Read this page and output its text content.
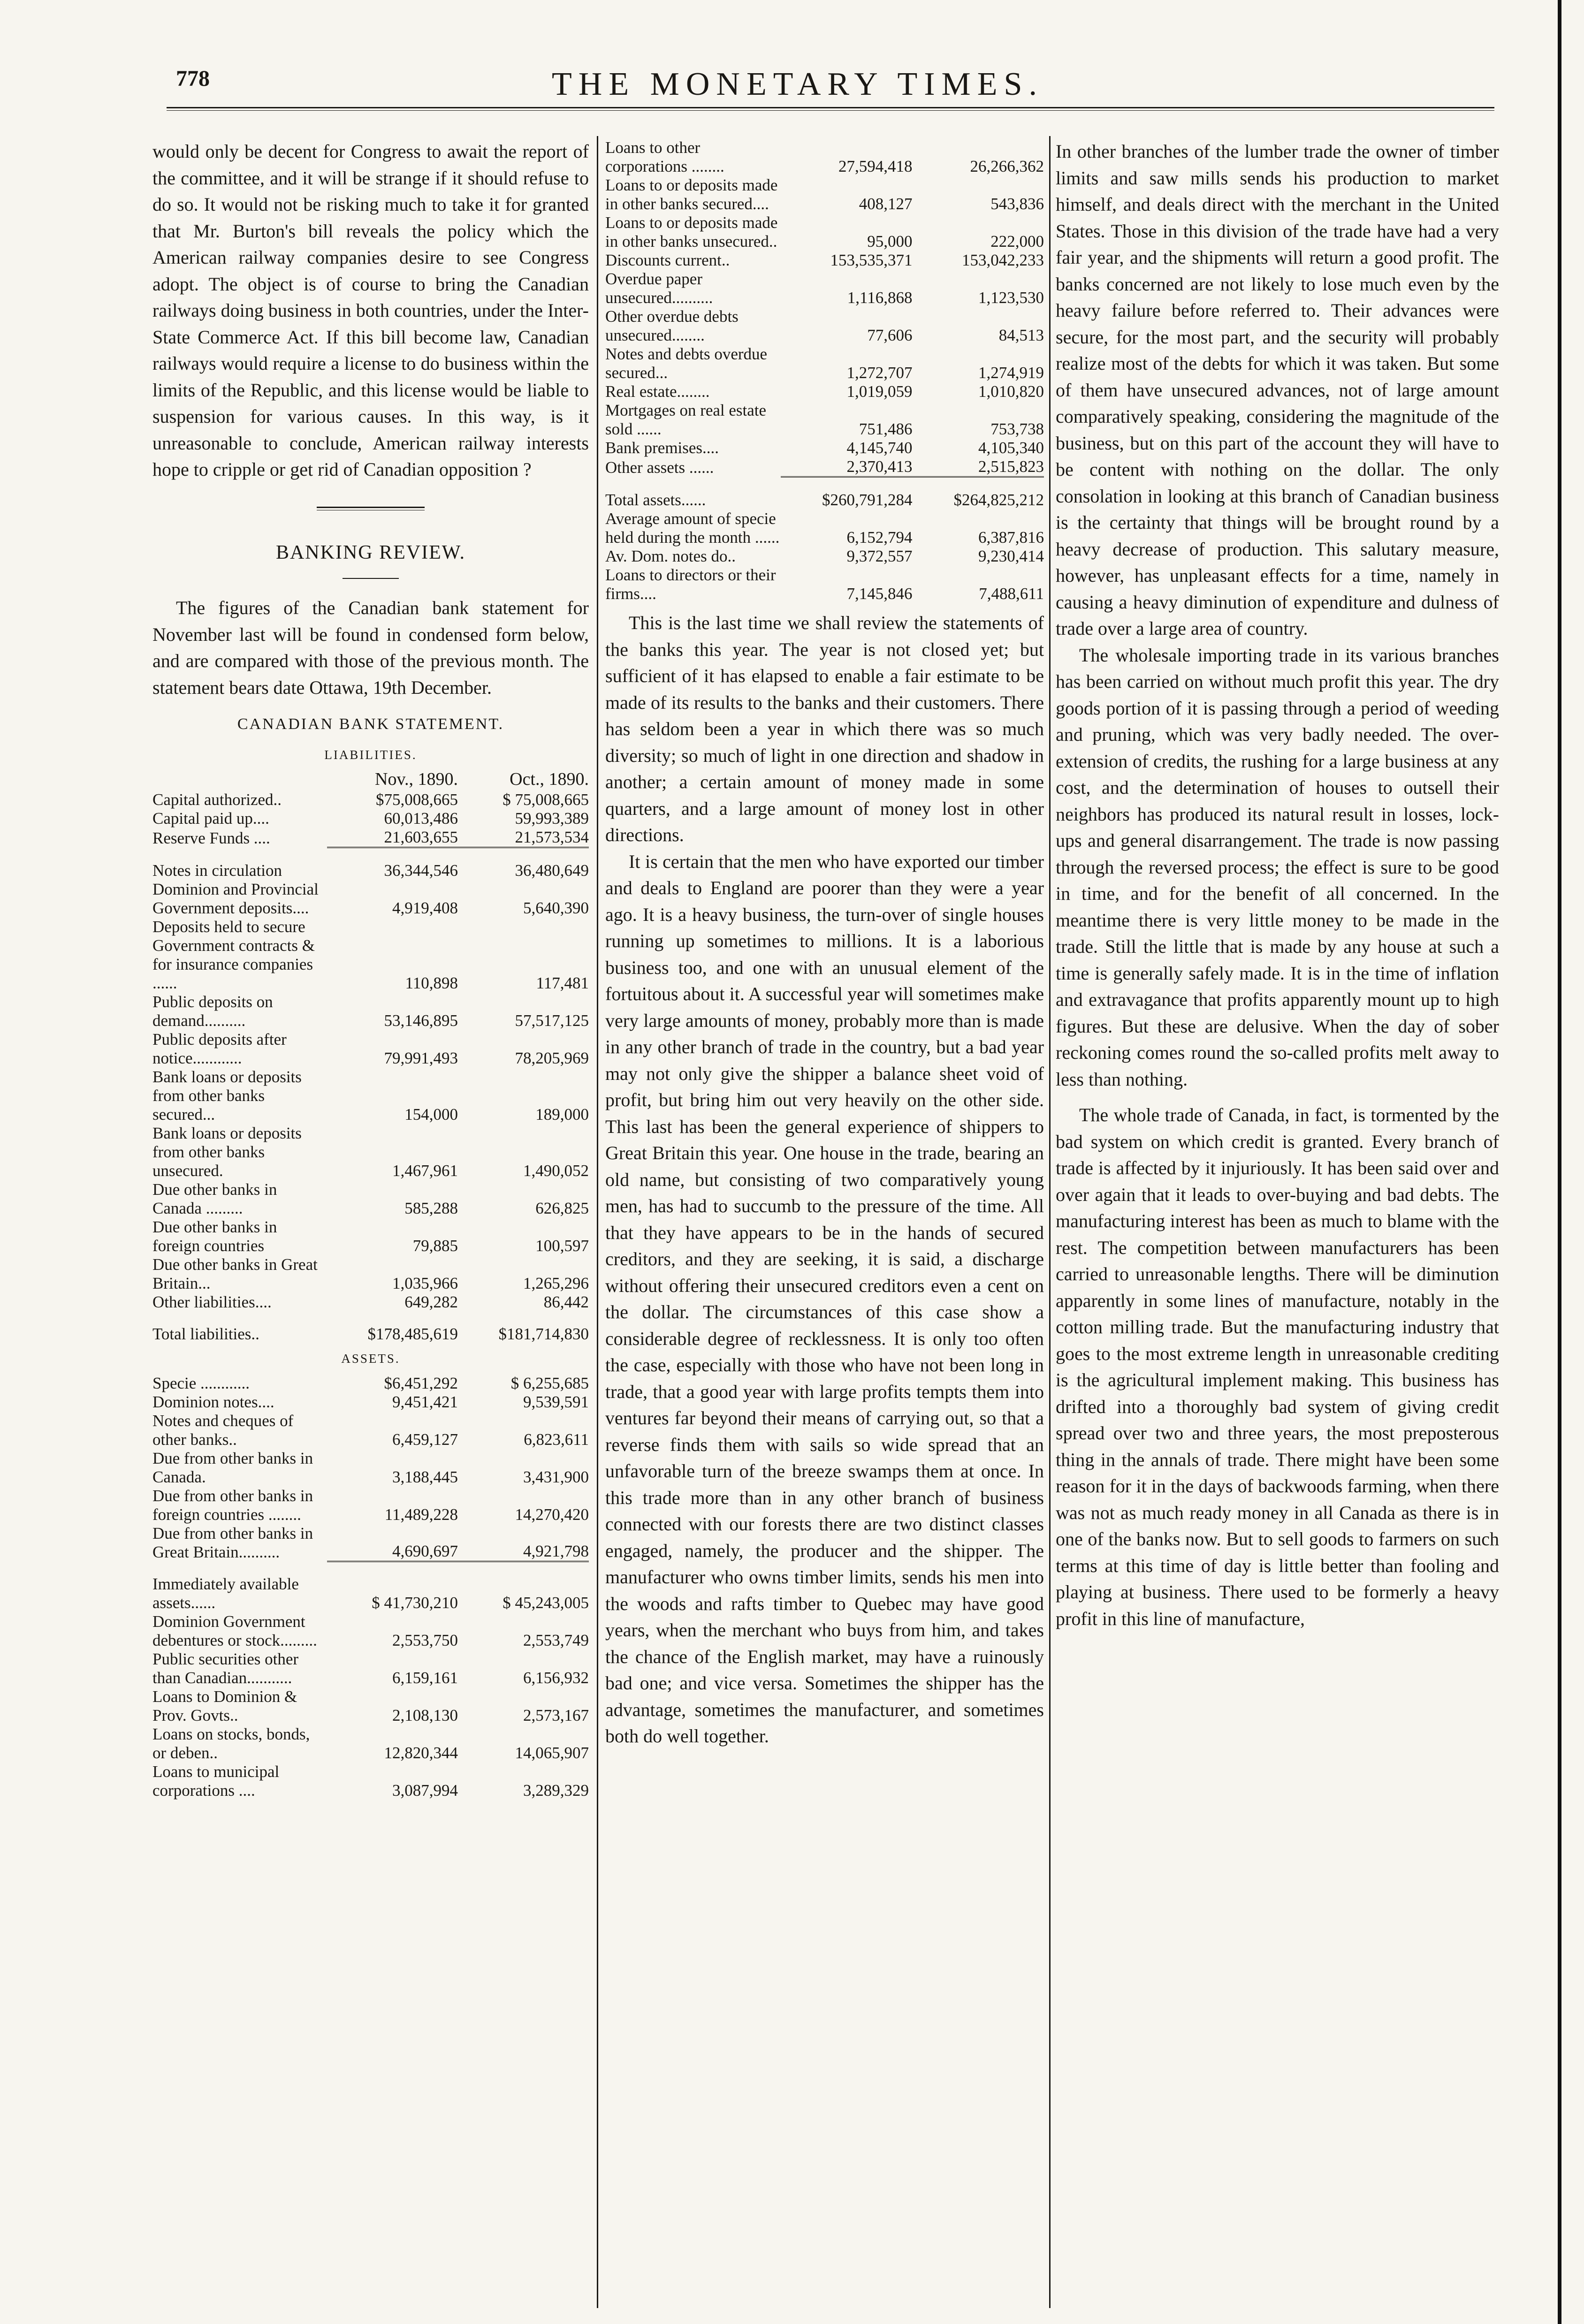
778	THE MONETARY TIMES.

would only be decent for Congress to await the report of the committee, and it will be strange if it should refuse to do so. It would not be risking much to take it for granted that Mr. Burton's bill reveals the policy which the American railway companies desire to see Congress adopt. The object is of course to bring the Canadian railways doing business in both countries, under the Inter-State Commerce Act. If this bill become law, Canadian railways would require a license to do business within the limits of the Republic, and this license would be liable to suspension for various causes. In this way, is it unreasonable to conclude, American railway interests hope to cripple or get rid of Canadian opposition ?

BANKING REVIEW.

The figures of the Canadian bank statement for November last will be found in condensed form below, and are compared with those of the previous month. The statement bears date Ottawa, 19th December.

CANADIAN BANK STATEMENT.
LIABILITIES.
	Nov., 1890.	Oct., 1890.
Capital authorized..	$75,008,665	$ 75,008,665
Capital paid up....	60,013,486	59,993,389
Reserve Funds ....	21,603,655	21,573,534
Notes in circulation	36,344,546	36,480,649
Dominion and Provincial Government deposits....	4,919,408	5,640,390
Deposits held to secure Government contracts & for insurance companies ......	110,898	117,481
Public deposits on demand..........	53,146,895	57,517,125
Public deposits after notice............	79,991,493	78,205,969
Bank loans or deposits from other banks secured...	154,000	189,000
Bank loans or deposits from other banks unsecured.	1,467,961	1,490,052
Due other banks in Canada .........	585,288	626,825
Due other banks in foreign countries	79,885	100,597
Due other banks in Great Britain...	1,035,966	1,265,296
Other liabilities....	649,282	86,442
Total liabilities..	$178,485,619	$181,714,830
ASSETS.
Specie ............	$6,451,292	$ 6,255,685
Dominion notes....	9,451,421	9,539,591
Notes and cheques of other banks..	6,459,127	6,823,611
Due from other banks in Canada.	3,188,445	3,431,900
Due from other banks in foreign countries ........	11,489,228	14,270,420
Due from other banks in Great Britain..........	4,690,697	4,921,798
Immediately available assets......	$ 41,730,210	$ 45,243,005
Dominion Government debentures or stock.........	2,553,750	2,553,749
Public securities other than Canadian...........	6,159,161	6,156,932
Loans to Dominion & Prov. Govts..	2,108,130	2,573,167
Loans on stocks, bonds, or deben..	12,820,344	14,065,907
Loans to municipal corporations ....	3,087,994	3,289,329
Loans to other corporations ........	27,594,418	26,266,362
Loans to or deposits made in other banks secured....	408,127	543,836
Loans to or deposits made in other banks unsecured..	95,000	222,000
Discounts current..	153,535,371	153,042,233
Overdue paper unsecured..........	1,116,868	1,123,530
Other overdue debts unsecured........	77,606	84,513
Notes and debts overdue secured...	1,272,707	1,274,919
Real estate........	1,019,059	1,010,820
Mortgages on real estate sold ......	751,486	753,738
Bank premises....	4,145,740	4,105,340
Other assets ......	2,370,413	2,515,823
Total assets......	$260,791,284	$264,825,212
Average amount of specie held during the month ......	6,152,794	6,387,816
Av. Dom. notes do..	9,372,557	9,230,414
Loans to directors or their firms....	7,145,846	7,488,611

This is the last time we shall review the statements of the banks this year. The year is not closed yet; but sufficient of it has elapsed to enable a fair estimate to be made of its results to the banks and their customers. There has seldom been a year in which there was so much diversity; so much of light in one direction and shadow in another; a certain amount of money made in some quarters, and a large amount of money lost in other directions.

It is certain that the men who have exported our timber and deals to England are poorer than they were a year ago. It is a heavy business, the turn-over of single houses running up sometimes to millions. It is a laborious business too, and one with an unusual element of the fortuitous about it. A successful year will sometimes make very large amounts of money, probably more than is made in any other branch of trade in the country, but a bad year may not only give the shipper a balance sheet void of profit, but bring him out very heavily on the other side. This last has been the general experience of shippers to Great Britain this year. One house in the trade, bearing an old name, but consisting of two comparatively young men, has had to succumb to the pressure of the time. All that they have appears to be in the hands of secured creditors, and they are seeking, it is said, a discharge without offering their unsecured creditors even a cent on the dollar. The circumstances of this case show a considerable degree of recklessness. It is only too often the case, especially with those who have not been long in trade, that a good year with large profits tempts them into ventures far beyond their means of carrying out, so that a reverse finds them with sails so wide spread that an unfavorable turn of the breeze swamps them at once. In this trade more than in any other branch of business connected with our forests there are two distinct classes engaged, namely, the producer and the shipper. The manufacturer who owns timber limits, sends his men into the woods and rafts timber to Quebec may have good years, when the merchant who buys from him, and takes the chance of the English market, may have a ruinously bad one; and vice versa. Sometimes the shipper has the advantage, sometimes the manufacturer, and sometimes both do well together.

In other branches of the lumber trade the owner of timber limits and saw mills sends his production to market himself, and deals direct with the merchant in the United States. Those in this division of the trade have had a very fair year, and the shipments will return a good profit. The banks concerned are not likely to lose much even by the heavy failure before referred to. Their advances were secure, for the most part, and the security will probably realize most of the debts for which it was taken. But some of them have unsecured advances, not of large amount comparatively speaking, considering the magnitude of the business, but on this part of the account they will have to be content with nothing on the dollar. The only consolation in looking at this branch of Canadian business is the certainty that things will be brought round by a heavy decrease of production. This salutary measure, however, has unpleasant effects for a time, namely in causing a heavy diminution of expenditure and dulness of trade over a large area of country.

The wholesale importing trade in its various branches has been carried on without much profit this year. The dry goods portion of it is passing through a period of weeding and pruning, which was very badly needed. The over-extension of credits, the rushing for a large business at any cost, and the determination of houses to outsell their neighbors has produced its natural result in losses, lock-ups and general disarrangement. The trade is now passing through the reversed process; the effect is sure to be good in time, and for the benefit of all concerned. In the meantime there is very little money to be made in the trade. Still the little that is made by any house at such a time is generally safely made. It is in the time of inflation and extravagance that profits apparently mount up to high figures. But these are delusive. When the day of sober reckoning comes round the so-called profits melt away to less than nothing.

The whole trade of Canada, in fact, is tormented by the bad system on which credit is granted. Every branch of trade is affected by it injuriously. It has been said over and over again that it leads to over-buying and bad debts. The manufacturing interest has been as much to blame with the rest. The competition between manufacturers has been carried to unreasonable lengths. There will be diminution apparently in some lines of manufacture, notably in the cotton milling trade. But the manufacturing industry that goes to the most extreme length in unreasonable crediting is the agricultural implement making. This business has drifted into a thoroughly bad system of giving credit spread over two and three years, the most preposterous thing in the annals of trade. There might have been some reason for it in the days of backwoods farming, when there was not as much ready money in all Canada as there is in one of the banks now. But to sell goods to farmers on such terms at this time of day is little better than fooling and playing at business. There used to be formerly a heavy profit in this line of manufacture,
